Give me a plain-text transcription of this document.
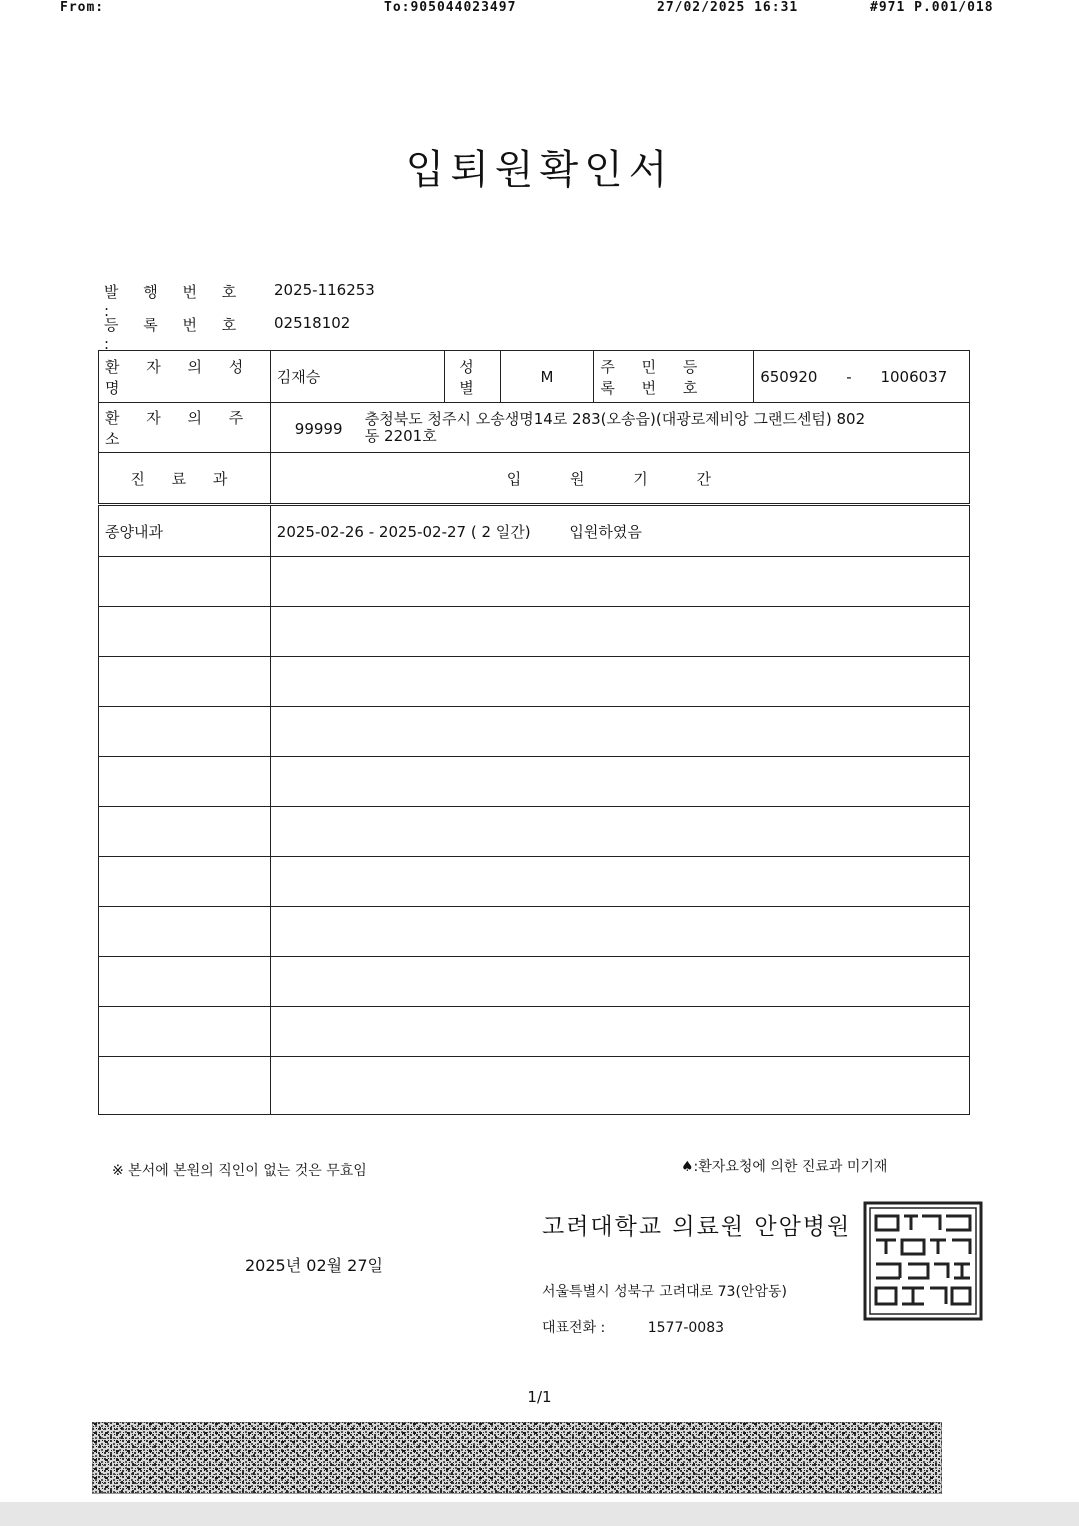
From:	To:905044023497	27/02/2025 16:31	#971 P.001/018
입퇴원확인서
발 행 번 호 :
2025-116253
등 록 번 호 :
02518102
환 자 의 성 명	김재승	성 별	M	주 민 등 록 번 호	650920 - 1006037
환 자 의 주 소	99999
충청북도 청주시 오송생명14로 283(오송읍)(대광로제비앙 그랜드센텀) 802
동 2201호				

진 료 과	입 원 기 간				
종양내과	2025-02-26 - 2025-02-27 ( 2 일간) 입원하였음				

※ 본서에 본원의 직인이 없는 것은 무효임	♠:환자요청에 의한 진료과 미기재
고려대학교 의료원 안암병원
2025년 02월 27일
서울특별시 성북구 고려대로 73(안암동)
대표전화 :	1577-0083
1/1
